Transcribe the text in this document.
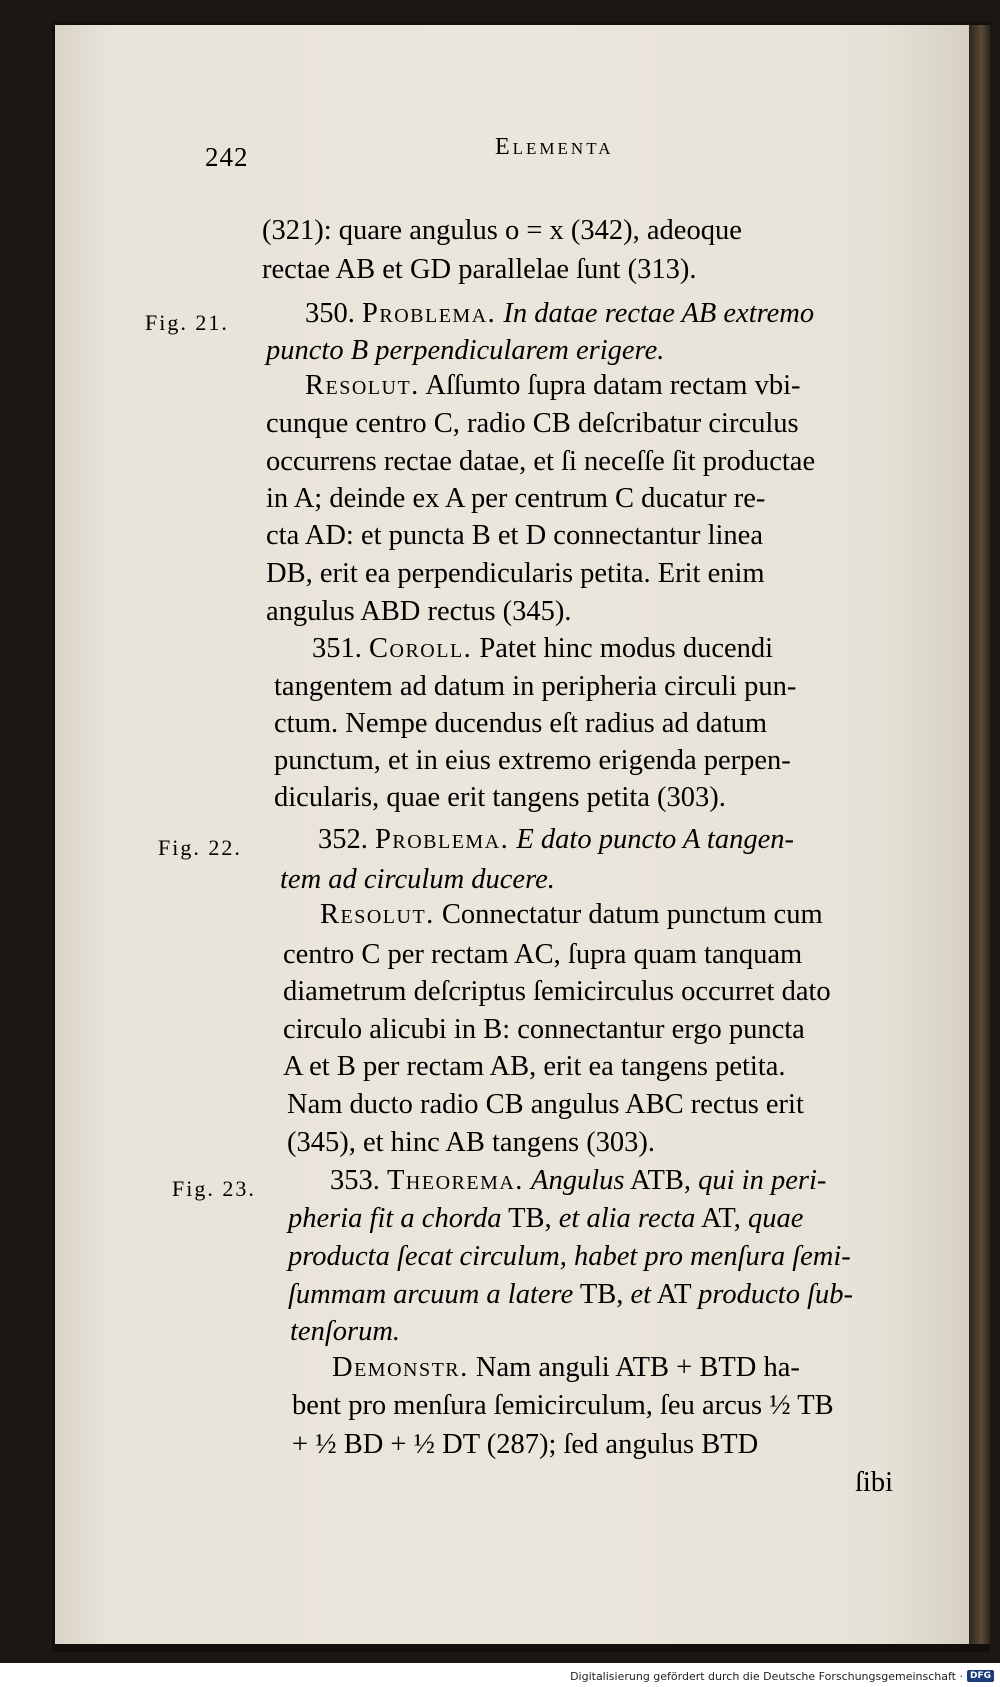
242	Elementa
Fig. 21.
Fig. 22.
Fig. 23.
(321): quare angulus o = x (342), adeoque
rectae AB et GD parallelae ſunt (313).
350. Problema. In datae rectae AB extremo
puncto B perpendicularem erigere.
Resolut. Aſſumto ſupra datam rectam vbi-
cunque centro C, radio CB deſcribatur circulus
occurrens rectae datae, et ſi neceſſe ſit productae
in A; deinde ex A per centrum C ducatur re-
cta AD: et puncta B et D connectantur linea
DB, erit ea perpendicularis petita. Erit enim
angulus ABD rectus (345).
351. Coroll. Patet hinc modus ducendi
tangentem ad datum in peripheria circuli pun-
ctum. Nempe ducendus eſt radius ad datum
punctum, et in eius extremo erigenda perpen-
dicularis, quae erit tangens petita (303).
352. Problema. E dato puncto A tangen-
tem ad circulum ducere.
Resolut. Connectatur datum punctum cum
centro C per rectam AC, ſupra quam tanquam
diametrum deſcriptus ſemicirculus occurret dato
circulo alicubi in B: connectantur ergo puncta
A et B per rectam AB, erit ea tangens petita.
Nam ducto radio CB angulus ABC rectus erit
(345), et hinc AB tangens (303).
353. Theorema. Angulus ATB, qui in peri-
pheria fit a chorda TB, et alia recta AT, quae
producta ſecat circulum, habet pro menſura ſemi-
ſummam arcuum a latere TB, et AT producto ſub-
tenſorum.
Demonstr. Nam anguli ATB + BTD ha-
bent pro menſura ſemicirculum, ſeu arcus ½ TB
+ ½ BD + ½ DT (287); ſed angulus BTD
ſibi
Digitalisierung gefördert durch die Deutsche Forschungsgemeinschaft · DFG
